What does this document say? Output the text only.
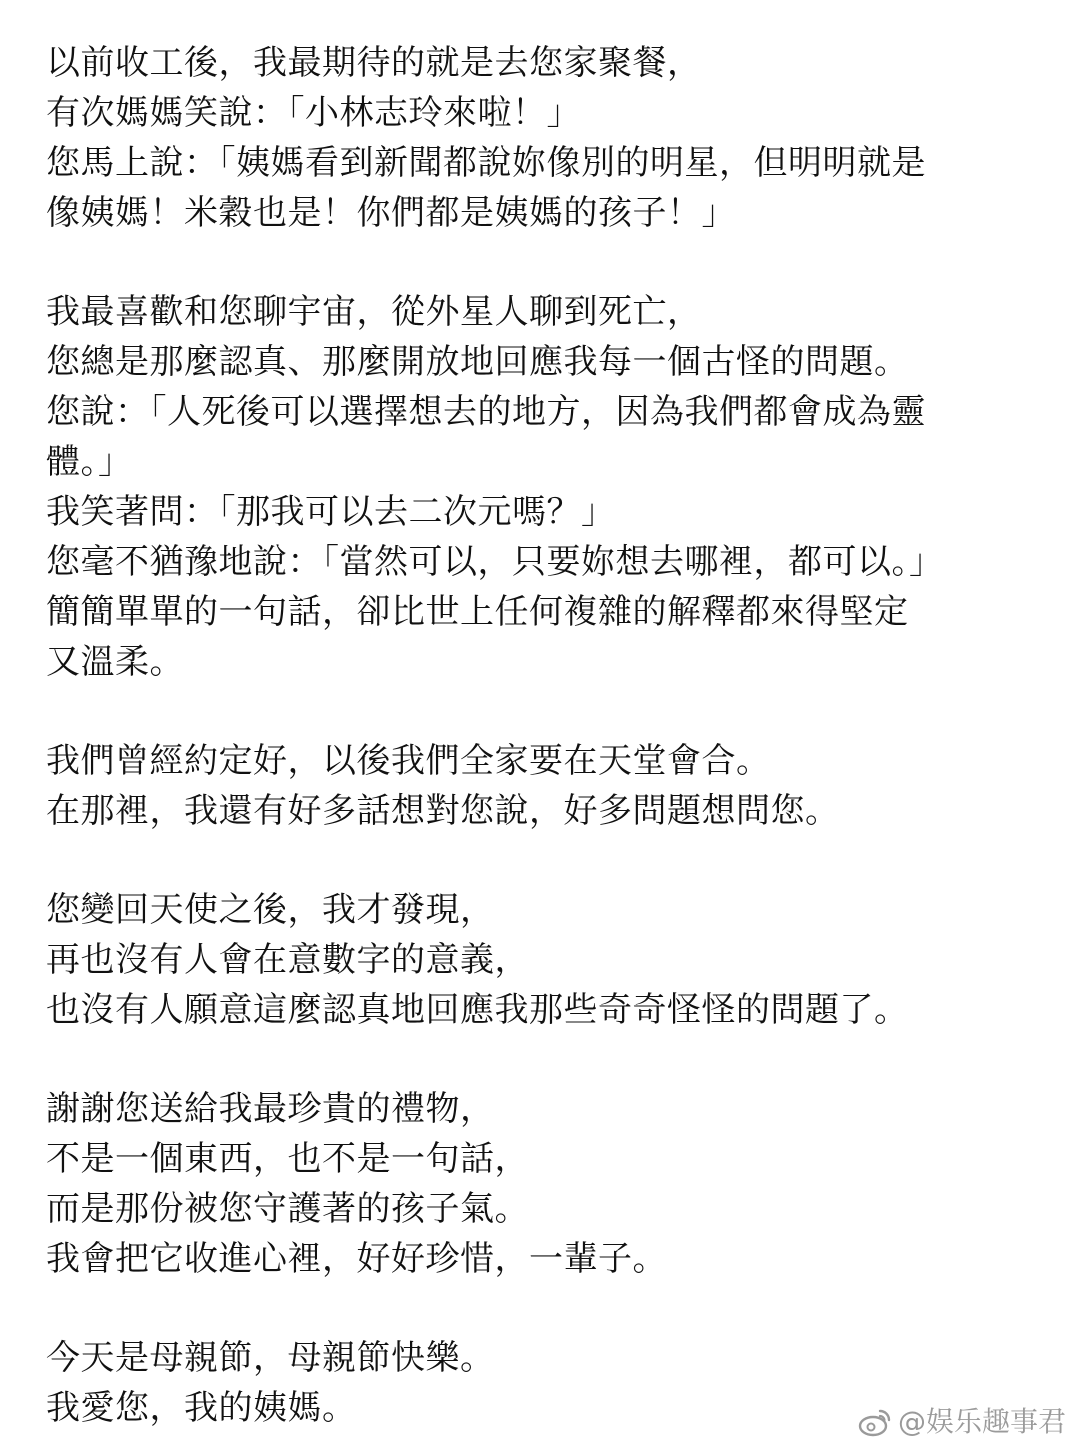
以前收工後，我最期待的就是去您家聚餐，
有次媽媽笑說：「小林志玲來啦！」
您馬上說：「姨媽看到新聞都說妳像別的明星，但明明就是
像姨媽！米穀也是！你們都是姨媽的孩子！」

我最喜歡和您聊宇宙，從外星人聊到死亡，
您總是那麼認真、那麼開放地回應我每一個古怪的問題。
您說：「人死後可以選擇想去的地方，因為我們都會成為靈
體。」
我笑著問：「那我可以去二次元嗎？」
您毫不猶豫地說：「當然可以，只要妳想去哪裡，都可以。」
簡簡單單的一句話，卻比世上任何複雜的解釋都來得堅定
又溫柔。

我們曾經約定好，以後我們全家要在天堂會合。
在那裡，我還有好多話想對您說，好多問題想問您。

您變回天使之後，我才發現，
再也沒有人會在意數字的意義，
也沒有人願意這麼認真地回應我那些奇奇怪怪的問題了。

謝謝您送給我最珍貴的禮物，
不是一個東西，也不是一句話，
而是那份被您守護著的孩子氣。
我會把它收進心裡，好好珍惜，一輩子。

今天是母親節，母親節快樂。
我愛您，我的姨媽。	@娱乐趣事君
